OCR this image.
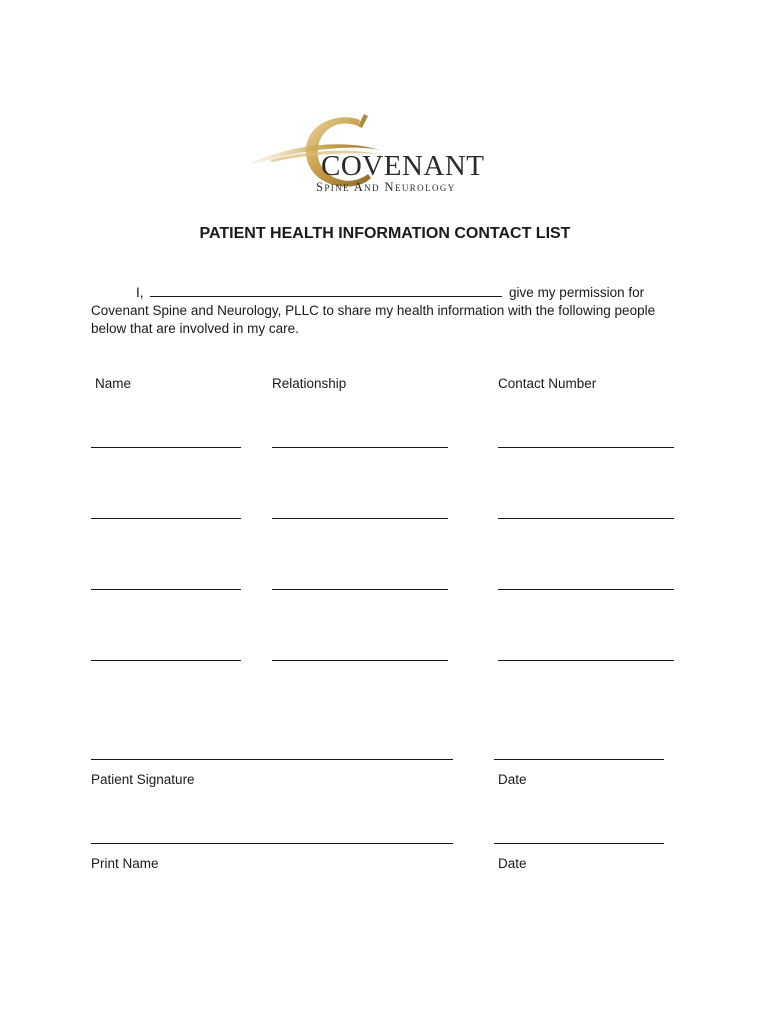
COVENANT
Spine And Neurology
PATIENT HEALTH INFORMATION CONTACT LIST
I,	give my permission for
Covenant Spine and Neurology, PLLC to share my health information with the following people
below that are involved in my care.
Name	Relationship	Contact Number
Patient Signature	Date
Print Name	Date
